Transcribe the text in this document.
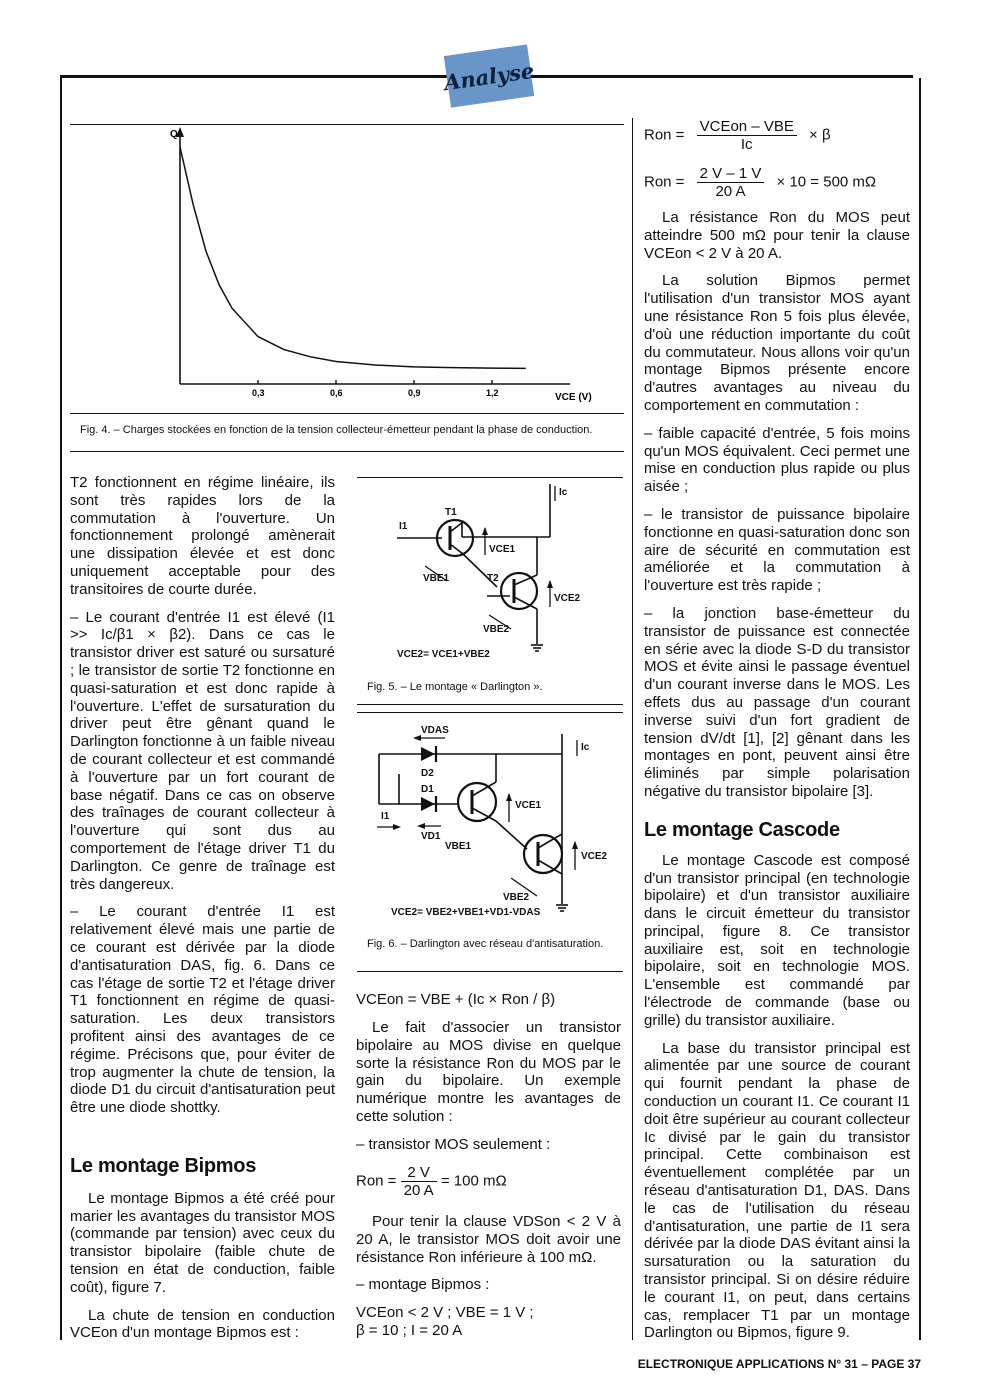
Analyse
Q
0,3	0,6	0,9	1,2	VCE (V)
Fig. 4. – Charges stockées en fonction de la tension collecteur-émetteur pendant la phase de conduction.

T2 fonctionnent en régime linéaire, ils sont très rapides lors de la commutation à l'ouverture. Un fonctionnement prolongé amènerait une dissipation élevée et est donc uniquement acceptable pour des transitoires de courte durée.

– Le courant d'entrée I1 est élevé (I1 >> Ic/β1 × β2). Dans ce cas le transistor driver est saturé ou sursaturé ; le transistor de sortie T2 fonctionne en quasi-saturation et est donc rapide à l'ouverture. L'effet de sursaturation du driver peut être gênant quand le Darlington fonctionne à un faible niveau de courant collecteur et est commandé à l'ouverture par un fort courant de base négatif. Dans ce cas on observe des traînages de courant collecteur à l'ouverture qui sont dus au comportement de l'étage driver T1 du Darlington. Ce genre de traînage est très dangereux.

– Le courant d'entrée I1 est relativement élevé mais une partie de ce courant est dérivée par la diode d'antisaturation DAS, fig. 6. Dans ce cas l'étage de sortie T2 et l'étage driver T1 fonctionnent en régime de quasi-saturation. Les deux transistors profitent ainsi des avantages de ce régime. Précisons que, pour éviter de trop augmenter la chute de tension, la diode D1 du circuit d'antisaturation peut être une diode shottky.

Le montage Bipmos

Le montage Bipmos a été créé pour marier les avantages du transistor MOS (commande par tension) avec ceux du transistor bipolaire (faible chute de tension en état de conduction, faible coût), figure 7.

La chute de tension en conduction VCEon d'un montage Bipmos est :

Ic
T1
I1
VCE1
VBE1	T2
VCE2
VBE2
VCE2= VCE1+VBE2
Fig. 5. – Le montage « Darlington ».
VDAS
Ic
D2
D1
I1
VD1
VBE1
VCE1
VCE2
VBE2
VCE2= VBE2+VBE1+VD1-VDAS
Fig. 6. – Darlington avec réseau d'antisaturation.
VCEon = VBE + (Ic × Ron / β)

Le fait d'associer un transistor bipolaire au MOS divise en quelque sorte la résistance Ron du MOS par le gain du bipolaire. Un exemple numérique montre les avantages de cette solution :

– transistor MOS seulement :

Ron = $\frac{2 V}{20 A} = 100$ mΩ

Pour tenir la clause VDSon < 2 V à 20 A, le transistor MOS doit avoir une résistance Ron inférieure à 100 mΩ.

– montage Bipmos :

VCEon < 2 V ; VBE = 1 V ;

β = 10 ; I = 20 A

Ron = $\frac{\text{VCEon – VBE}}{Ic} \times \beta$
Ron = $\frac{2 V - 1 V}{20 A} \times 10 = 500$ mΩ

La résistance Ron du MOS peut atteindre 500 mΩ pour tenir la clause VCEon < 2 V à 20 A.

La solution Bipmos permet l'utilisation d'un transistor MOS ayant une résistance Ron 5 fois plus élevée, d'où une réduction importante du coût du commutateur. Nous allons voir qu'un montage Bipmos présente encore d'autres avantages au niveau du comportement en commutation :

– faible capacité d'entrée, 5 fois moins qu'un MOS équivalent. Ceci permet une mise en conduction plus rapide ou plus aisée ;

– le transistor de puissance bipolaire fonctionne en quasi-saturation donc son aire de sécurité en commutation est améliorée et la commutation à l'ouverture est très rapide ;

– la jonction base-émetteur du transistor de puissance est connectée en série avec la diode S-D du transistor MOS et évite ainsi le passage éventuel d'un courant inverse dans le MOS. Les effets dus au passage d'un courant inverse suivi d'un fort gradient de tension dV/dt [1], [2] gênant dans les montages en pont, peuvent ainsi être éliminés par simple polarisation négative du transistor bipolaire [3].

Le montage Cascode

Le montage Cascode est composé d'un transistor principal (en technologie bipolaire) et d'un transistor auxiliaire dans le circuit émetteur du transistor principal, figure 8. Ce transistor auxiliaire est, soit en technologie bipolaire, soit en technologie MOS. L'ensemble est commandé par l'électrode de commande (base ou grille) du transistor auxiliaire.

La base du transistor principal est alimentée par une source de courant qui fournit pendant la phase de conduction un courant I1. Ce courant I1 doit être supérieur au courant collecteur Ic divisé par le gain du transistor principal. Cette combinaison est éventuellement complétée par un réseau d'antisaturation D1, DAS. Dans le cas de l'utilisation du réseau d'antisaturation, une partie de I1 sera dérivée par la diode DAS évitant ainsi la sursaturation ou la saturation du transistor principal. Si on désire réduire le courant I1, on peut, dans certains cas, remplacer T1 par un montage Darlington ou Bipmos, figure 9.

ELECTRONIQUE APPLICATIONS N° 31 – PAGE 37
